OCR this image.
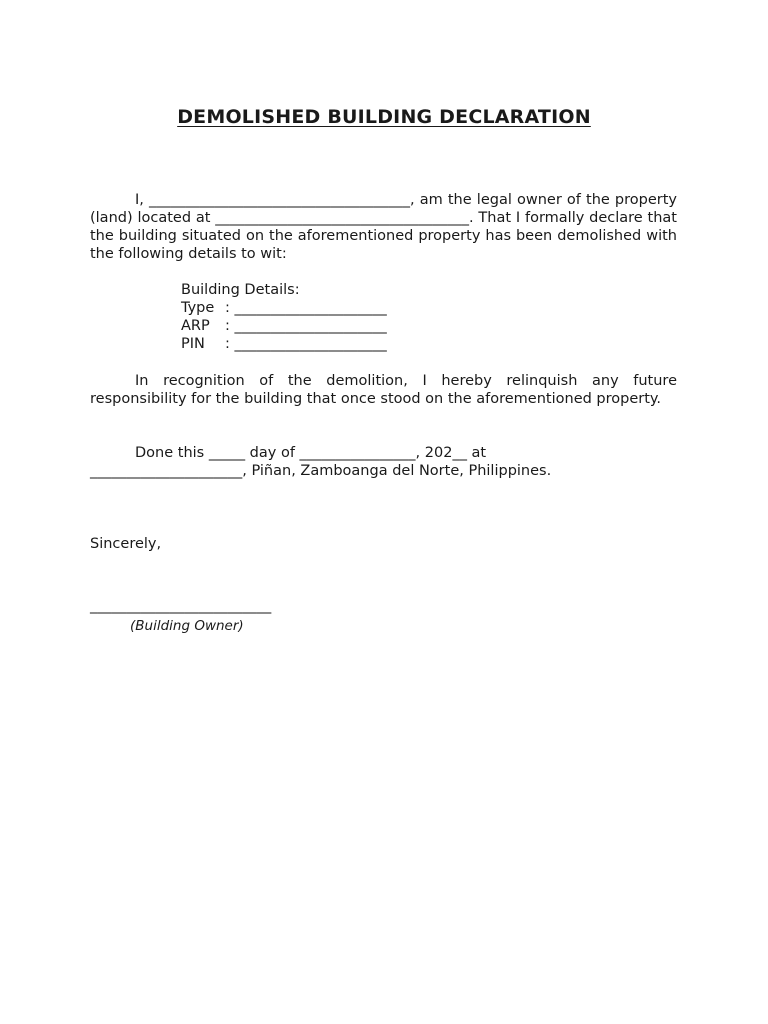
DEMOLISHED BUILDING DECLARATION
I, ____________________________________, am the legal owner of the property (land) located at ___________________________________. That I formally declare that the building situated on the aforementioned property has been demolished with the following details to wit:
Building Details:
Type : _____________________
ARP : _____________________
PIN : _____________________
In recognition of the demolition, I hereby relinquish any future responsibility for the building that once stood on the aforementioned property.
Done this _____ day of ________________, 202__ at
_____________________, Piñan, Zamboanga del Norte, Philippines.
Sincerely,
_________________________
(Building Owner)
